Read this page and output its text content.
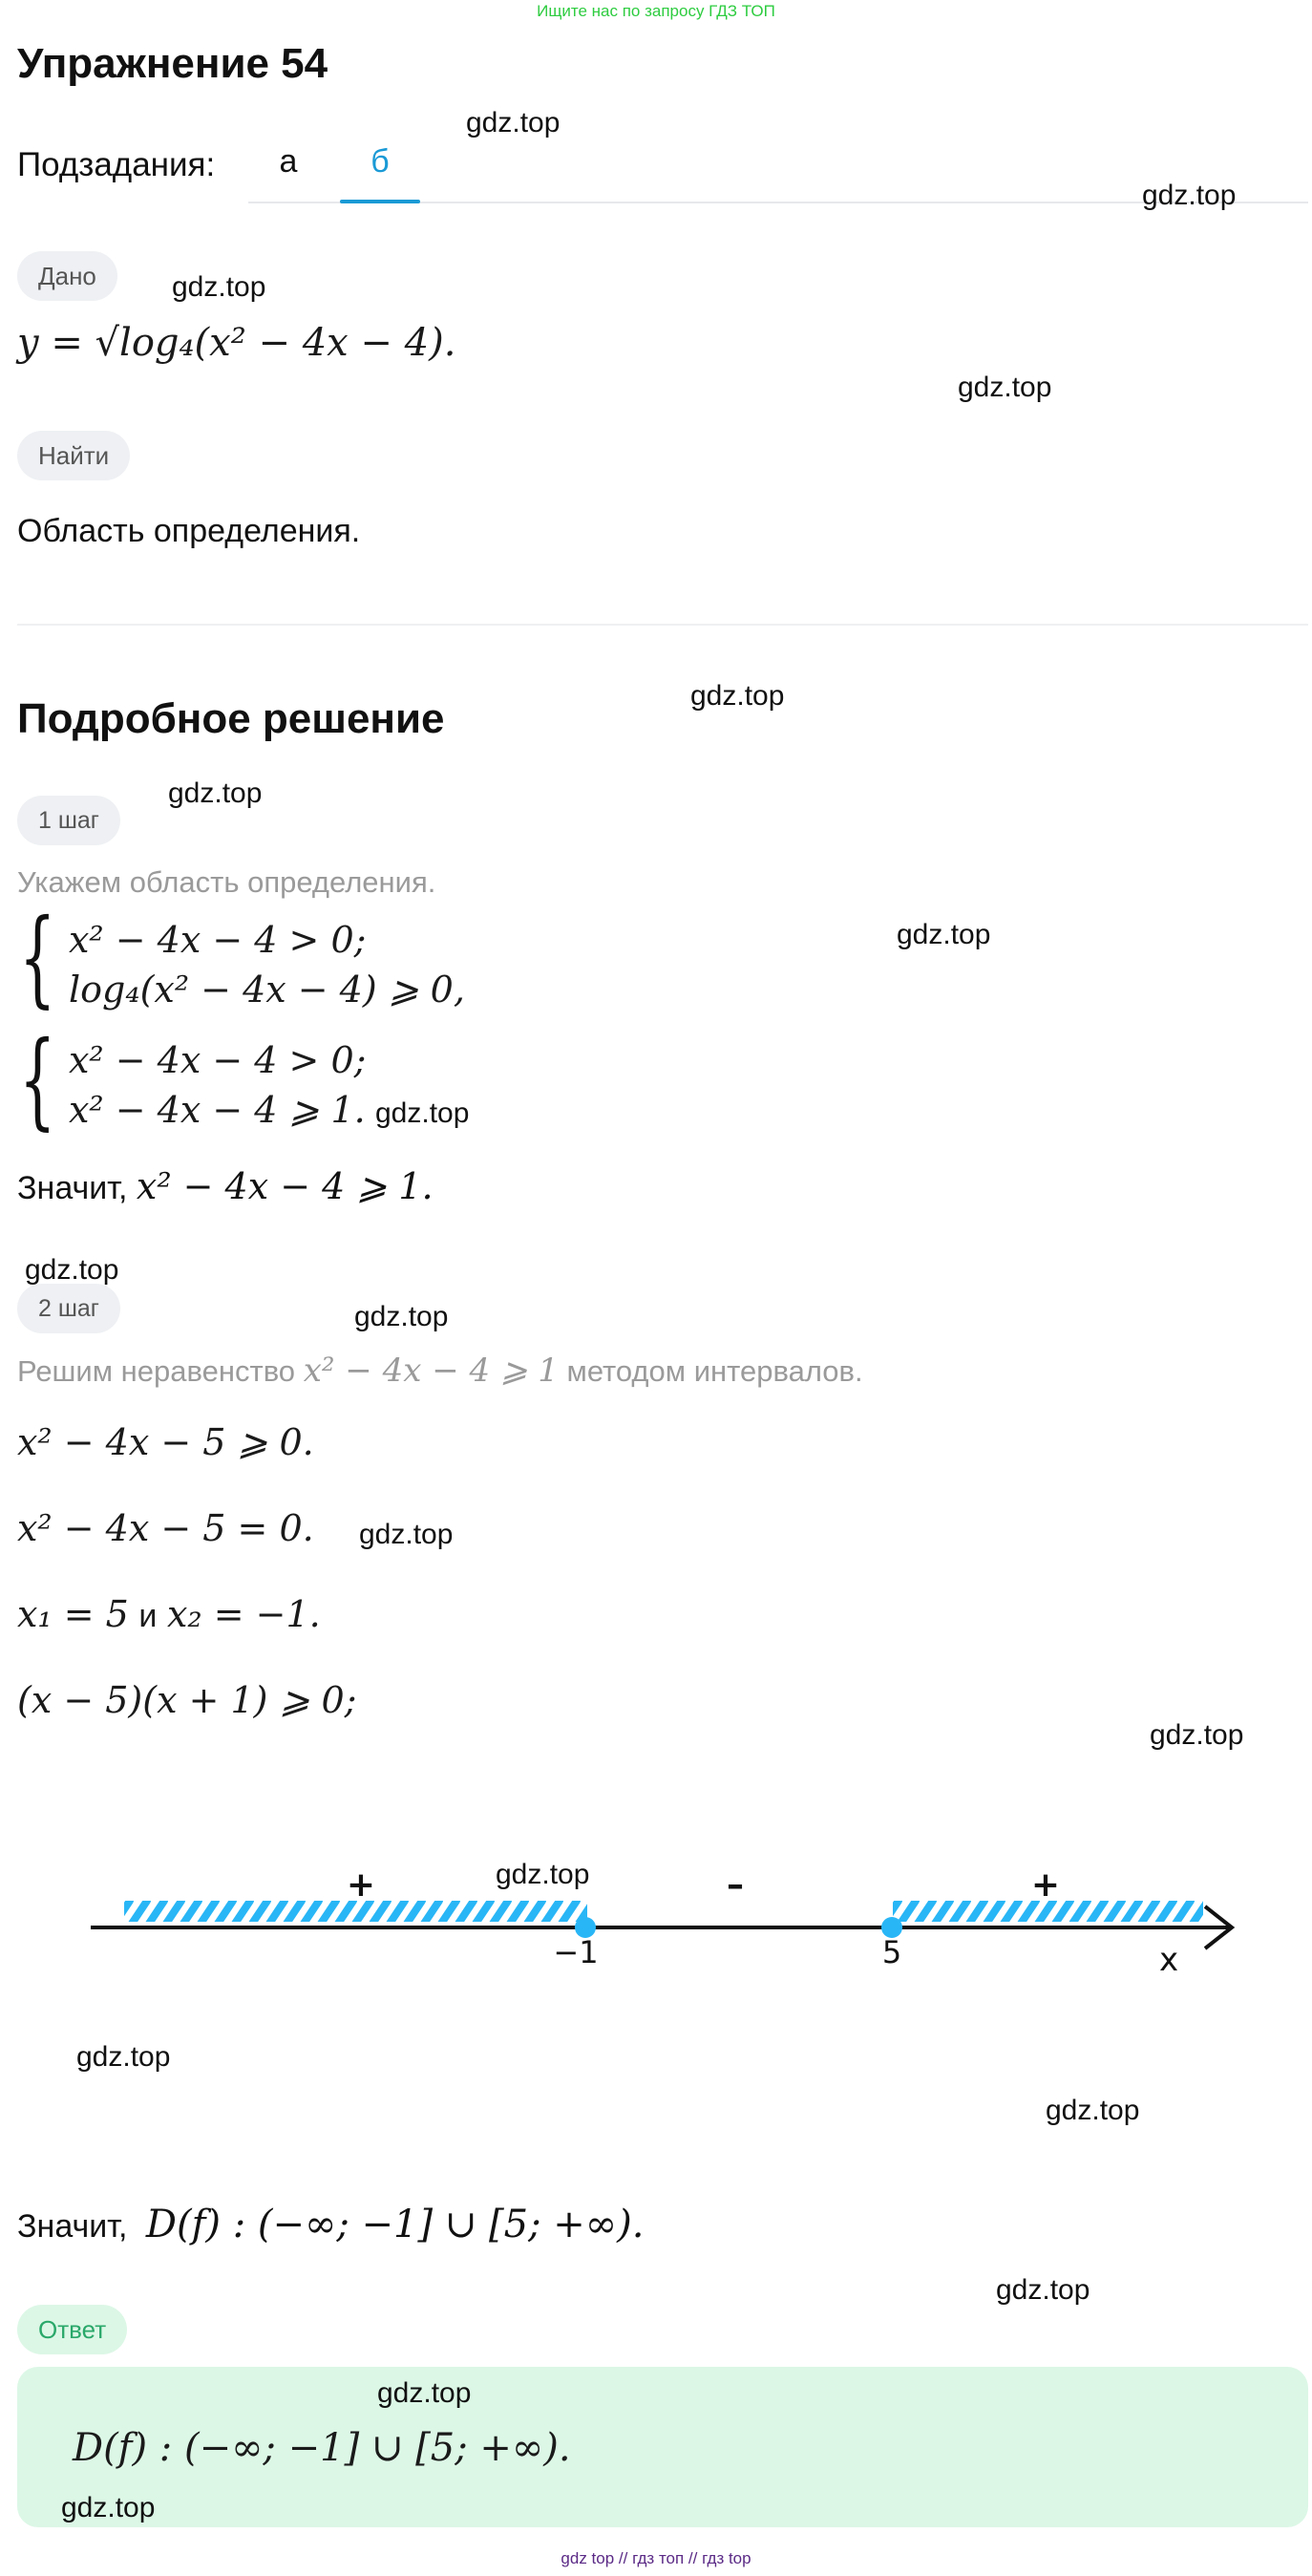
Ищите нас по запросу ГДЗ ТОП
Упражнение 54
Подзадания:	а	б
Дано
y = √log₄(x² − 4x − 4).
Найти
Область определения.
Подробное решение
1 шаг
Укажем область определения.
{ x² − 4x − 4 > 0;
log₄(x² − 4x − 4) ⩾ 0,
{ x² − 4x − 4 > 0;
x² − 4x − 4 ⩾ 1.
Значит, x² − 4x − 4 ⩾ 1.
2 шаг
Решим неравенство x² − 4x − 4 ⩾ 1 методом интервалов.
x² − 4x − 5 ⩾ 0.
x² − 4x − 5 = 0.
x₁ = 5 и x₂ = −1.
(x − 5)(x + 1) ⩾ 0;
+	–	+
−1	5	x
Значит, D(f) : (−∞; −1] ∪ [5; +∞).
Ответ
D(f) : (−∞; −1] ∪ [5; +∞).
gdz.top
gdz.top
gdz.top
gdz.top
gdz.top
gdz.top
gdz.top
gdz.top
gdz.top
gdz.top
gdz.top
gdz.top
gdz.top
gdz.top
gdz.top
gdz.top
gdz.top
gdz.top
gdz top // гдз топ // гдз top
